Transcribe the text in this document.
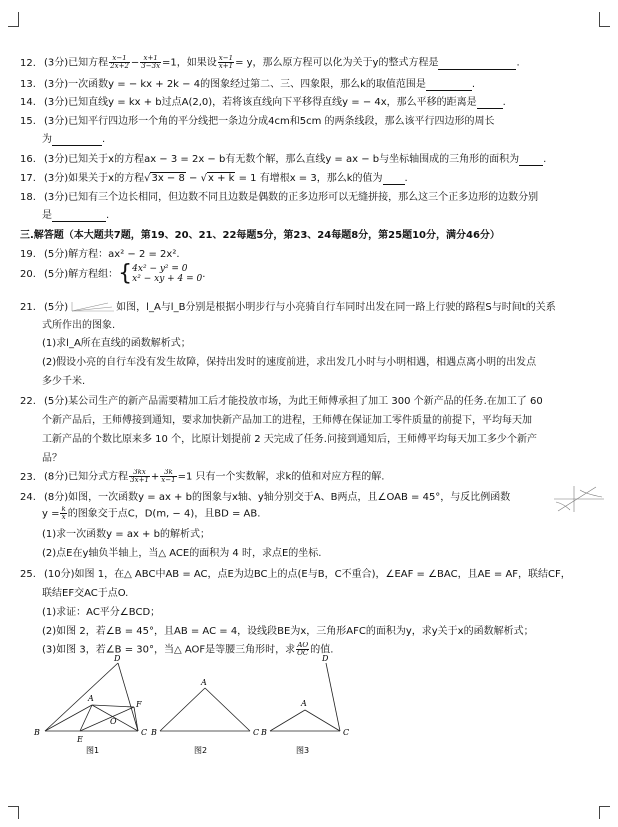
12. (3分)已知方程 $\frac{x-1}{2x+2} - \frac{x+1}{3-3x} =1$，如果设 $\frac{x-1}{x+1} = y$，那么原方程可以化为关于y的整式方程是	.
13. (3分)一次函数y = − kx + 2k − 4的图象经过第二、三、四象限，那么k的取值范围是	.
14. (3分)已知直线y = kx + b过点A(2,0)，若将该直线向下平移得直线y = − 4x，那么平移的距离是	.
15. (3分)已知平行四边形一个角的平分线把一条边分成4cm和5cm 的两条线段，那么该平行四边形的周长
为	.
16. (3分)已知关于x的方程ax − 3 = 2x − b有无数个解，那么直线y = ax − b与坐标轴围成的三角形的面积为 .
17. (3分)如果关于x的方程√3x − 8 − √x + k = 1 有增根x = 3，那么k的值为 .
18. (3分)已知有三个边长相同，但边数不同且边数是偶数的正多边形可以无缝拼接，那么这三个正多边形的边数分别
是	.
三.解答题（本大题共7题，第19、20、21、22每题5分，第23、24每题8分，第25题10分，满分46分）
19. (5分)解方程：ax² − 2 = 2x².
20. (5分)解方程组：{ 4x² − y² = 0
x² − xy + 4 = 0 .
21. (5分)	如图，l_A与l_B分别是根据小明步行与小亮骑自行车同时出发在同一路上行驶的路程S与时间t的关系
式所作出的图象.
(1)求l_A所在直线的函数解析式；
(2)假设小亮的自行车没有发生故障，保持出发时的速度前进，求出发几小时与小明相遇，相遇点离小明的出发点
多少千米.
22. (5分)某公司生产的新产品需要精加工后才能投放市场，为此王师傅承担了加工 300 个新产品的任务.在加工了 60
个新产品后，王师傅接到通知，要求加快新产品加工的进程，王师傅在保证加工零件质量的前提下，平均每天加
工新产品的个数比原来多 10 个，比原计划提前 2 天完成了任务.问接到通知后，王师傅平均每天加工多少个新产
品？
23. (8分)已知分式方程 $\frac{3kx}{3x+1} + \frac{3k}{x-1} =1$ 只有一个实数解，求k的值和对应方程的解.
24. (8分)如图，一次函数y = ax + b的图象与x轴、y轴分别交于A、B两点，且∠OAB = 45°，与反比例函数
$y = \frac{k}{x}$ 的图象交于点C，D(m, − 4)，且BD = AB.
(1)求一次函数y = ax + b的解析式；
(2)点E在y轴负半轴上，当△ ACE的面积为 4 时，求点E的坐标.
25. (10分)如图 1，在△ ABC中AB = AC，点E为边BC上的点(E与B，C不重合)，∠EAF = ∠BAC，且AE = AF，联结CF，
联结EF交AC于点O.
(1)求证：AC平分∠BCD；
(2)如图 2，若∠B = 45°，且AB = AC = 4，设线段BE为x，三角形AFC的面积为y，求y关于x的函数解析式；
(3)如图 3，若∠B = 30°，当△ AOF是等腰三角形时，求 $\frac{AO}{OC}$ 的值.
B	C
A
D
E
F
O
图1
A
B	C
图2
D
A
B	C
图3
